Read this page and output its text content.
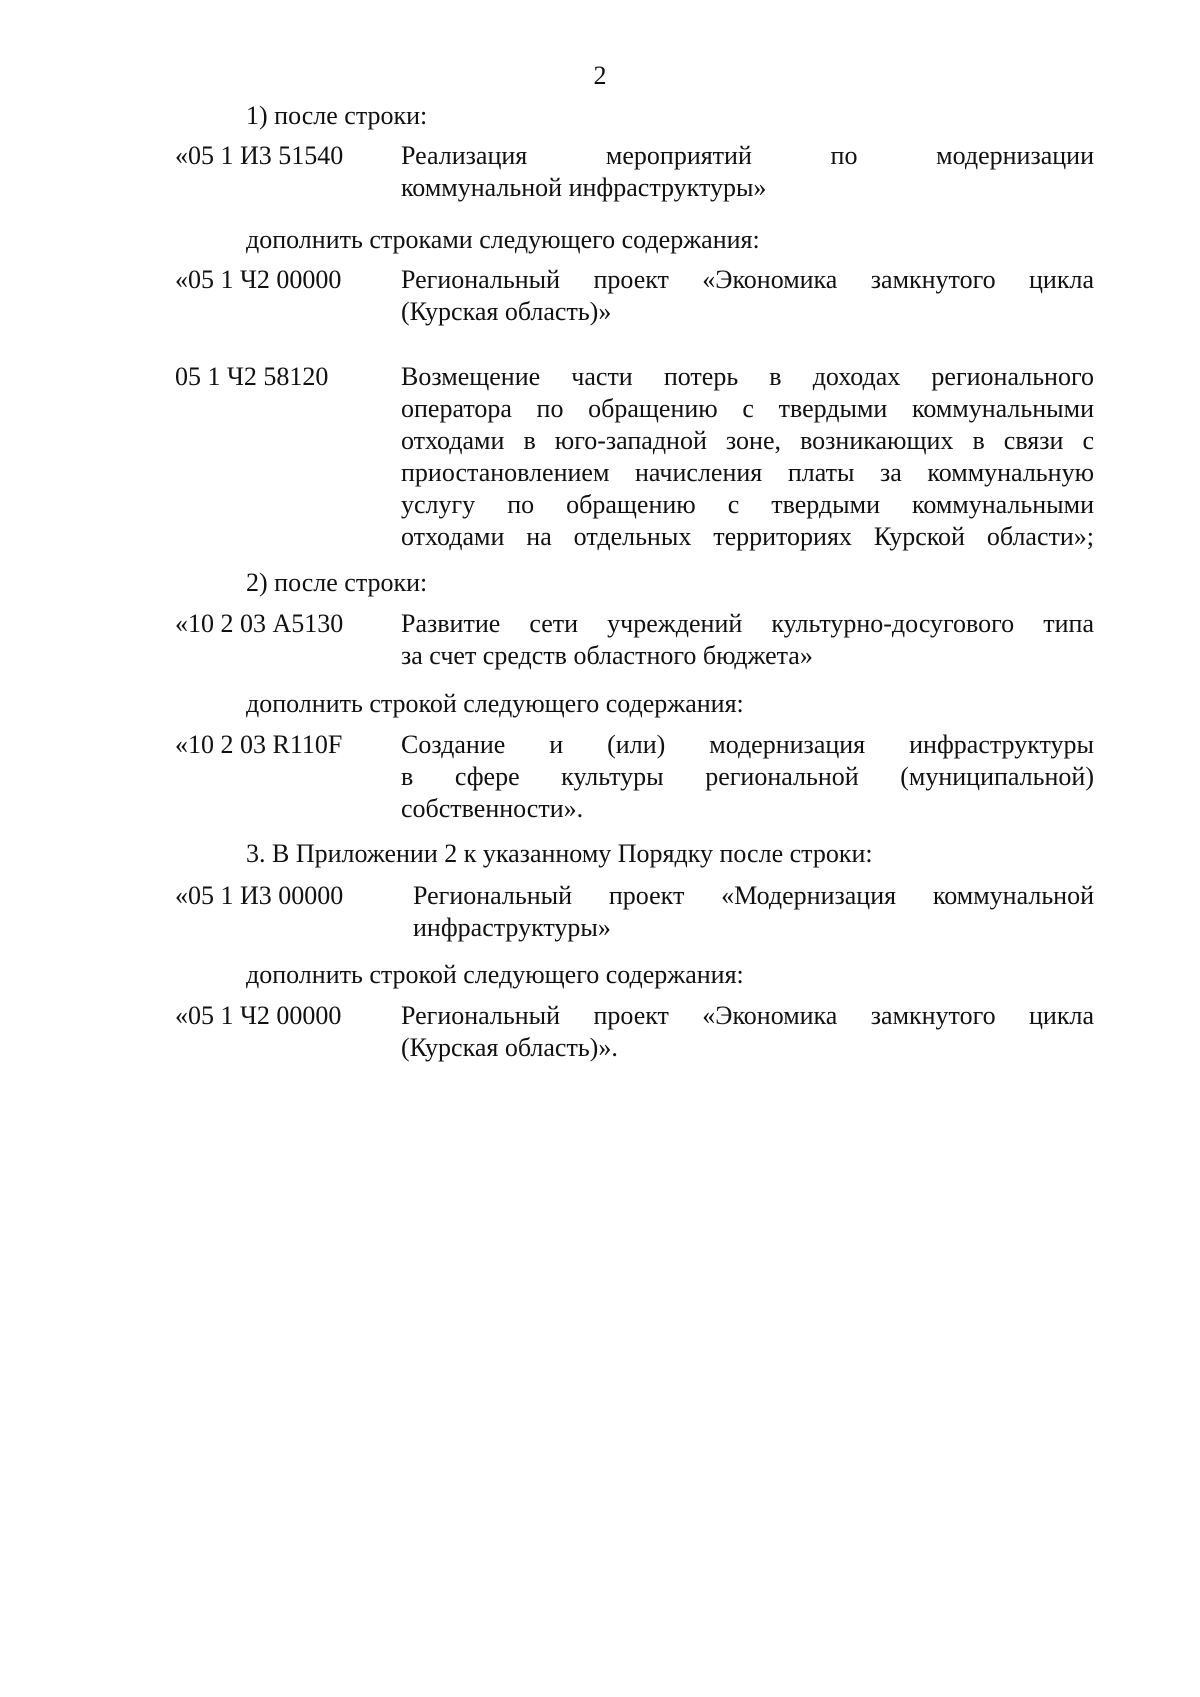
2
1) после строки:
«05 1 И3 51540 Реализация мероприятий по модернизации
коммунальной инфраструктуры»
дополнить строками следующего содержания:
«05 1 Ч2 00000 Региональный проект «Экономика замкнутого цикла
(Курская область)»
05 1 Ч2 58120	Возмещение части потерь в доходах регионального
оператора по обращению с твердыми коммунальными
отходами в юго-западной зоне, возникающих в связи с
приостановлением начисления платы за коммунальную
услугу по обращению с твердыми коммунальными
отходами на отдельных территориях Курской области»;
2) после строки:
«10 2 03 А5130 Развитие сети учреждений культурно-досугового типа
за счет средств областного бюджета»
дополнить строкой следующего содержания:
«10 2 03 R110F Создание и (или) модернизация инфраструктуры
в сфере культуры региональной (муниципальной)
собственности».
3. В Приложении 2 к указанному Порядку после строки:
«05 1 И3 00000	Региональный проект «Модернизация коммунальной
инфраструктуры»
дополнить строкой следующего содержания:
«05 1 Ч2 00000 Региональный проект «Экономика замкнутого цикла
(Курская область)».
